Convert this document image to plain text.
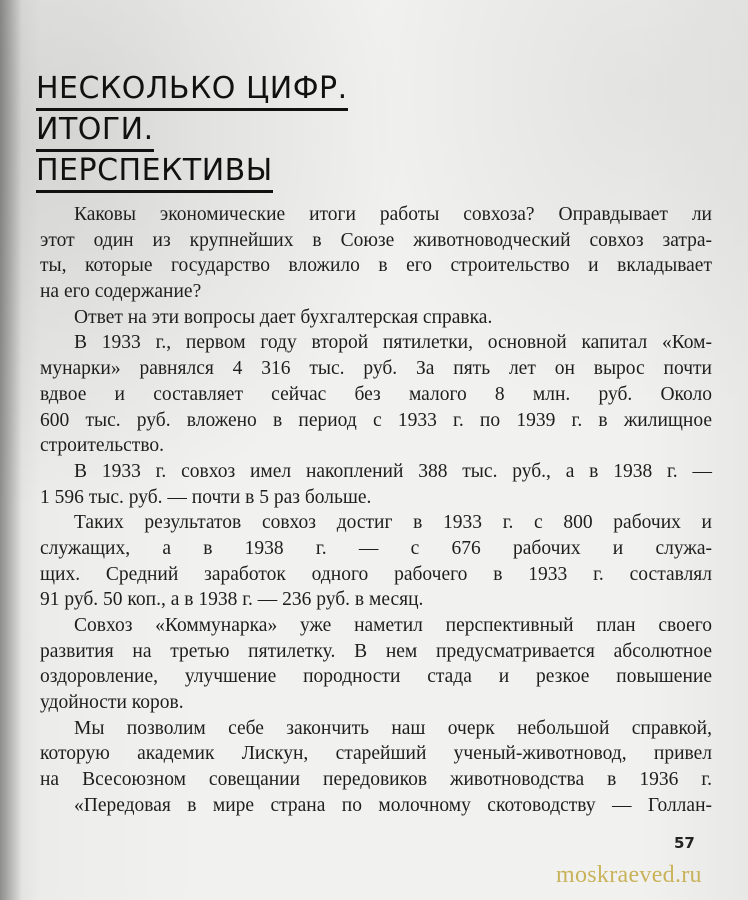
НЕСКОЛЬКО ЦИФР.
ИТОГИ.
ПЕРСПЕКТИВЫ
Каковы экономические итоги работы совхоза? Оправдывает ли
этот один из крупнейших в Союзе животноводческий совхоз затра-
ты, которые государство вложило в его строительство и вкладывает
на его содержание?
Ответ на эти вопросы дает бухгалтерская справка.
В 1933 г., первом году второй пятилетки, основной капитал «Ком-
мунарки» равнялся 4 316 тыс. руб. За пять лет он вырос почти
вдвое и составляет сейчас без малого 8 млн. руб. Около
600 тыс. руб. вложено в период с 1933 г. по 1939 г. в жилищное
строительство.
В 1933 г. совхоз имел накоплений 388 тыс. руб., а в 1938 г. —
1 596 тыс. руб. — почти в 5 раз больше.
Таких результатов совхоз достиг в 1933 г. с 800 рабочих и
служащих, а в 1938 г. — с 676 рабочих и служа-
щих. Средний заработок одного рабочего в 1933 г. составлял
91 руб. 50 коп., а в 1938 г. — 236 руб. в месяц.
Совхоз «Коммунарка» уже наметил перспективный план своего
развития на третью пятилетку. В нем предусматривается абсолютное
оздоровление, улучшение породности стада и резкое повышение
удойности коров.
Мы позволим себе закончить наш очерк небольшой справкой,
которую академик Лискун, старейший ученый-животновод, привел
на Всесоюзном совещании передовиков животноводства в 1936 г.
«Передовая в мире страна по молочному скотоводству — Голлан-
57
moskraeved.ru
